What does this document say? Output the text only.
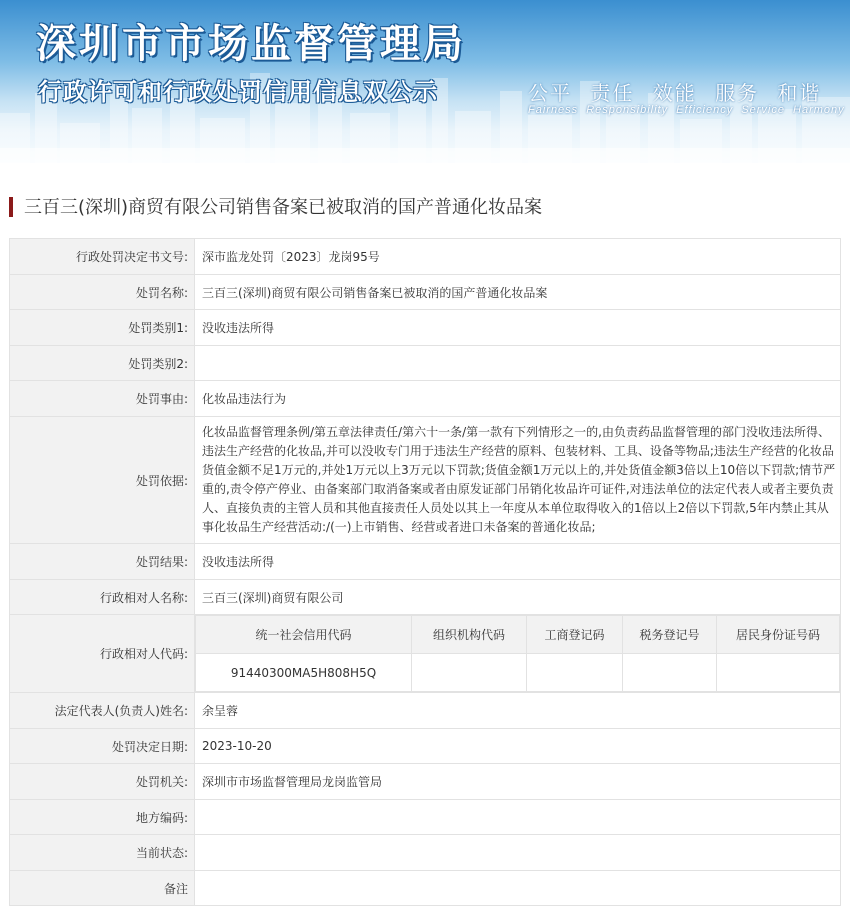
深圳市市场监督管理局
行政许可和行政处罚信用信息双公示	公平 责任 效能 服务 和谐
Fairness Responsibility Efficiency Service Harmony
三百三(深圳)商贸有限公司销售备案已被取消的国产普通化妆品案
行政处罚决定书文号:	深市监龙处罚〔2023〕龙岗95号
处罚名称:	三百三(深圳)商贸有限公司销售备案已被取消的国产普通化妆品案
处罚类别1:	没收违法所得
处罚类别2:	
处罚事由:	化妆品违法行为
处罚依据:	化妆品监督管理条例/第五章法律责任/第六十一条/第一款有下列情形之一的,由负责药品监督管理的部门没收违法所得、违法生产经营的化妆品,并可以没收专门用于违法生产经营的原料、包装材料、工具、设备等物品;违法生产经营的化妆品货值金额不足1万元的,并处1万元以上3万元以下罚款;货值金额1万元以上的,并处货值金额3倍以上10倍以下罚款;情节严重的,责令停产停业、由备案部门取消备案或者由原发证部门吊销化妆品许可证件,对违法单位的法定代表人或者主要负责人、直接负责的主管人员和其他直接责任人员处以其上一年度从本单位取得收入的1倍以上2倍以下罚款,5年内禁止其从事化妆品生产经营活动:/(一)上市销售、经营或者进口未备案的普通化妆品;
处罚结果:	没收违法所得
行政相对人名称:	三百三(深圳)商贸有限公司
行政相对人代码:	
统一社会信用代码	组织机构代码	工商登记码	税务登记号	居民身份证号码
91440300MA5H808H5Q				

法定代表人(负责人)姓名:	余呈蓉
处罚决定日期:	2023-10-20
处罚机关:	深圳市市场监督管理局龙岗监管局
地方编码:	
当前状态:	
备注	
